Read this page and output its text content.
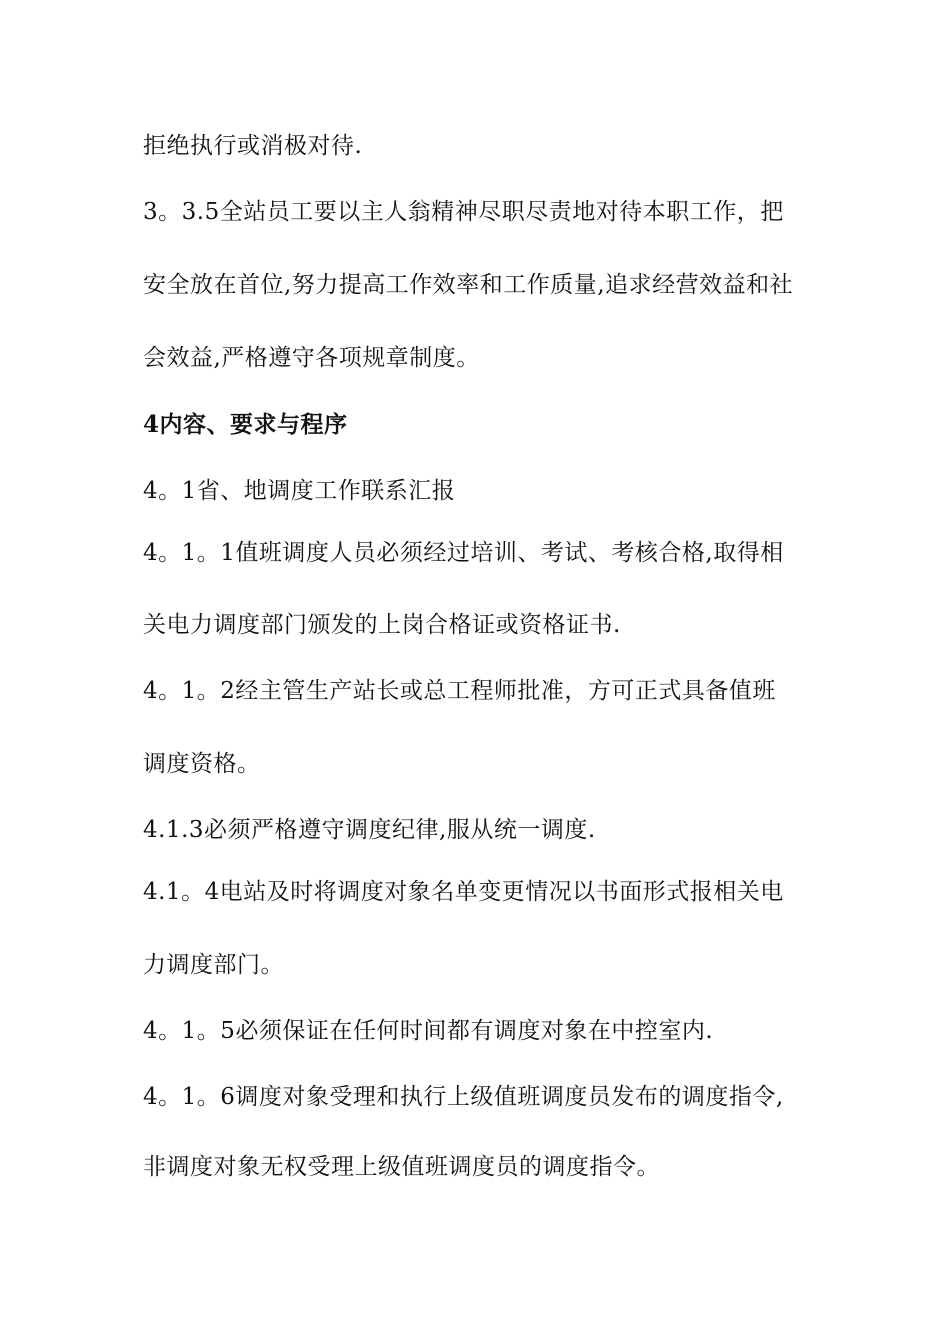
拒绝执行或消极对待.
3。3.5全站员工要以主人翁精神尽职尽责地对待本职工作，把
安全放在首位,努力提高工作效率和工作质量,追求经营效益和社
会效益,严格遵守各项规章制度。
4内容、要求与程序
4。1省、地调度工作联系汇报
4。1。1值班调度人员必须经过培训、考试、考核合格,取得相
关电力调度部门颁发的上岗合格证或资格证书.
4。1。2经主管生产站长或总工程师批准，方可正式具备值班
调度资格。
4.1.3必须严格遵守调度纪律,服从统一调度.
4.1。4电站及时将调度对象名单变更情况以书面形式报相关电
力调度部门。
4。1。5必须保证在任何时间都有调度对象在中控室内.
4。1。6调度对象受理和执行上级值班调度员发布的调度指令,
非调度对象无权受理上级值班调度员的调度指令。
